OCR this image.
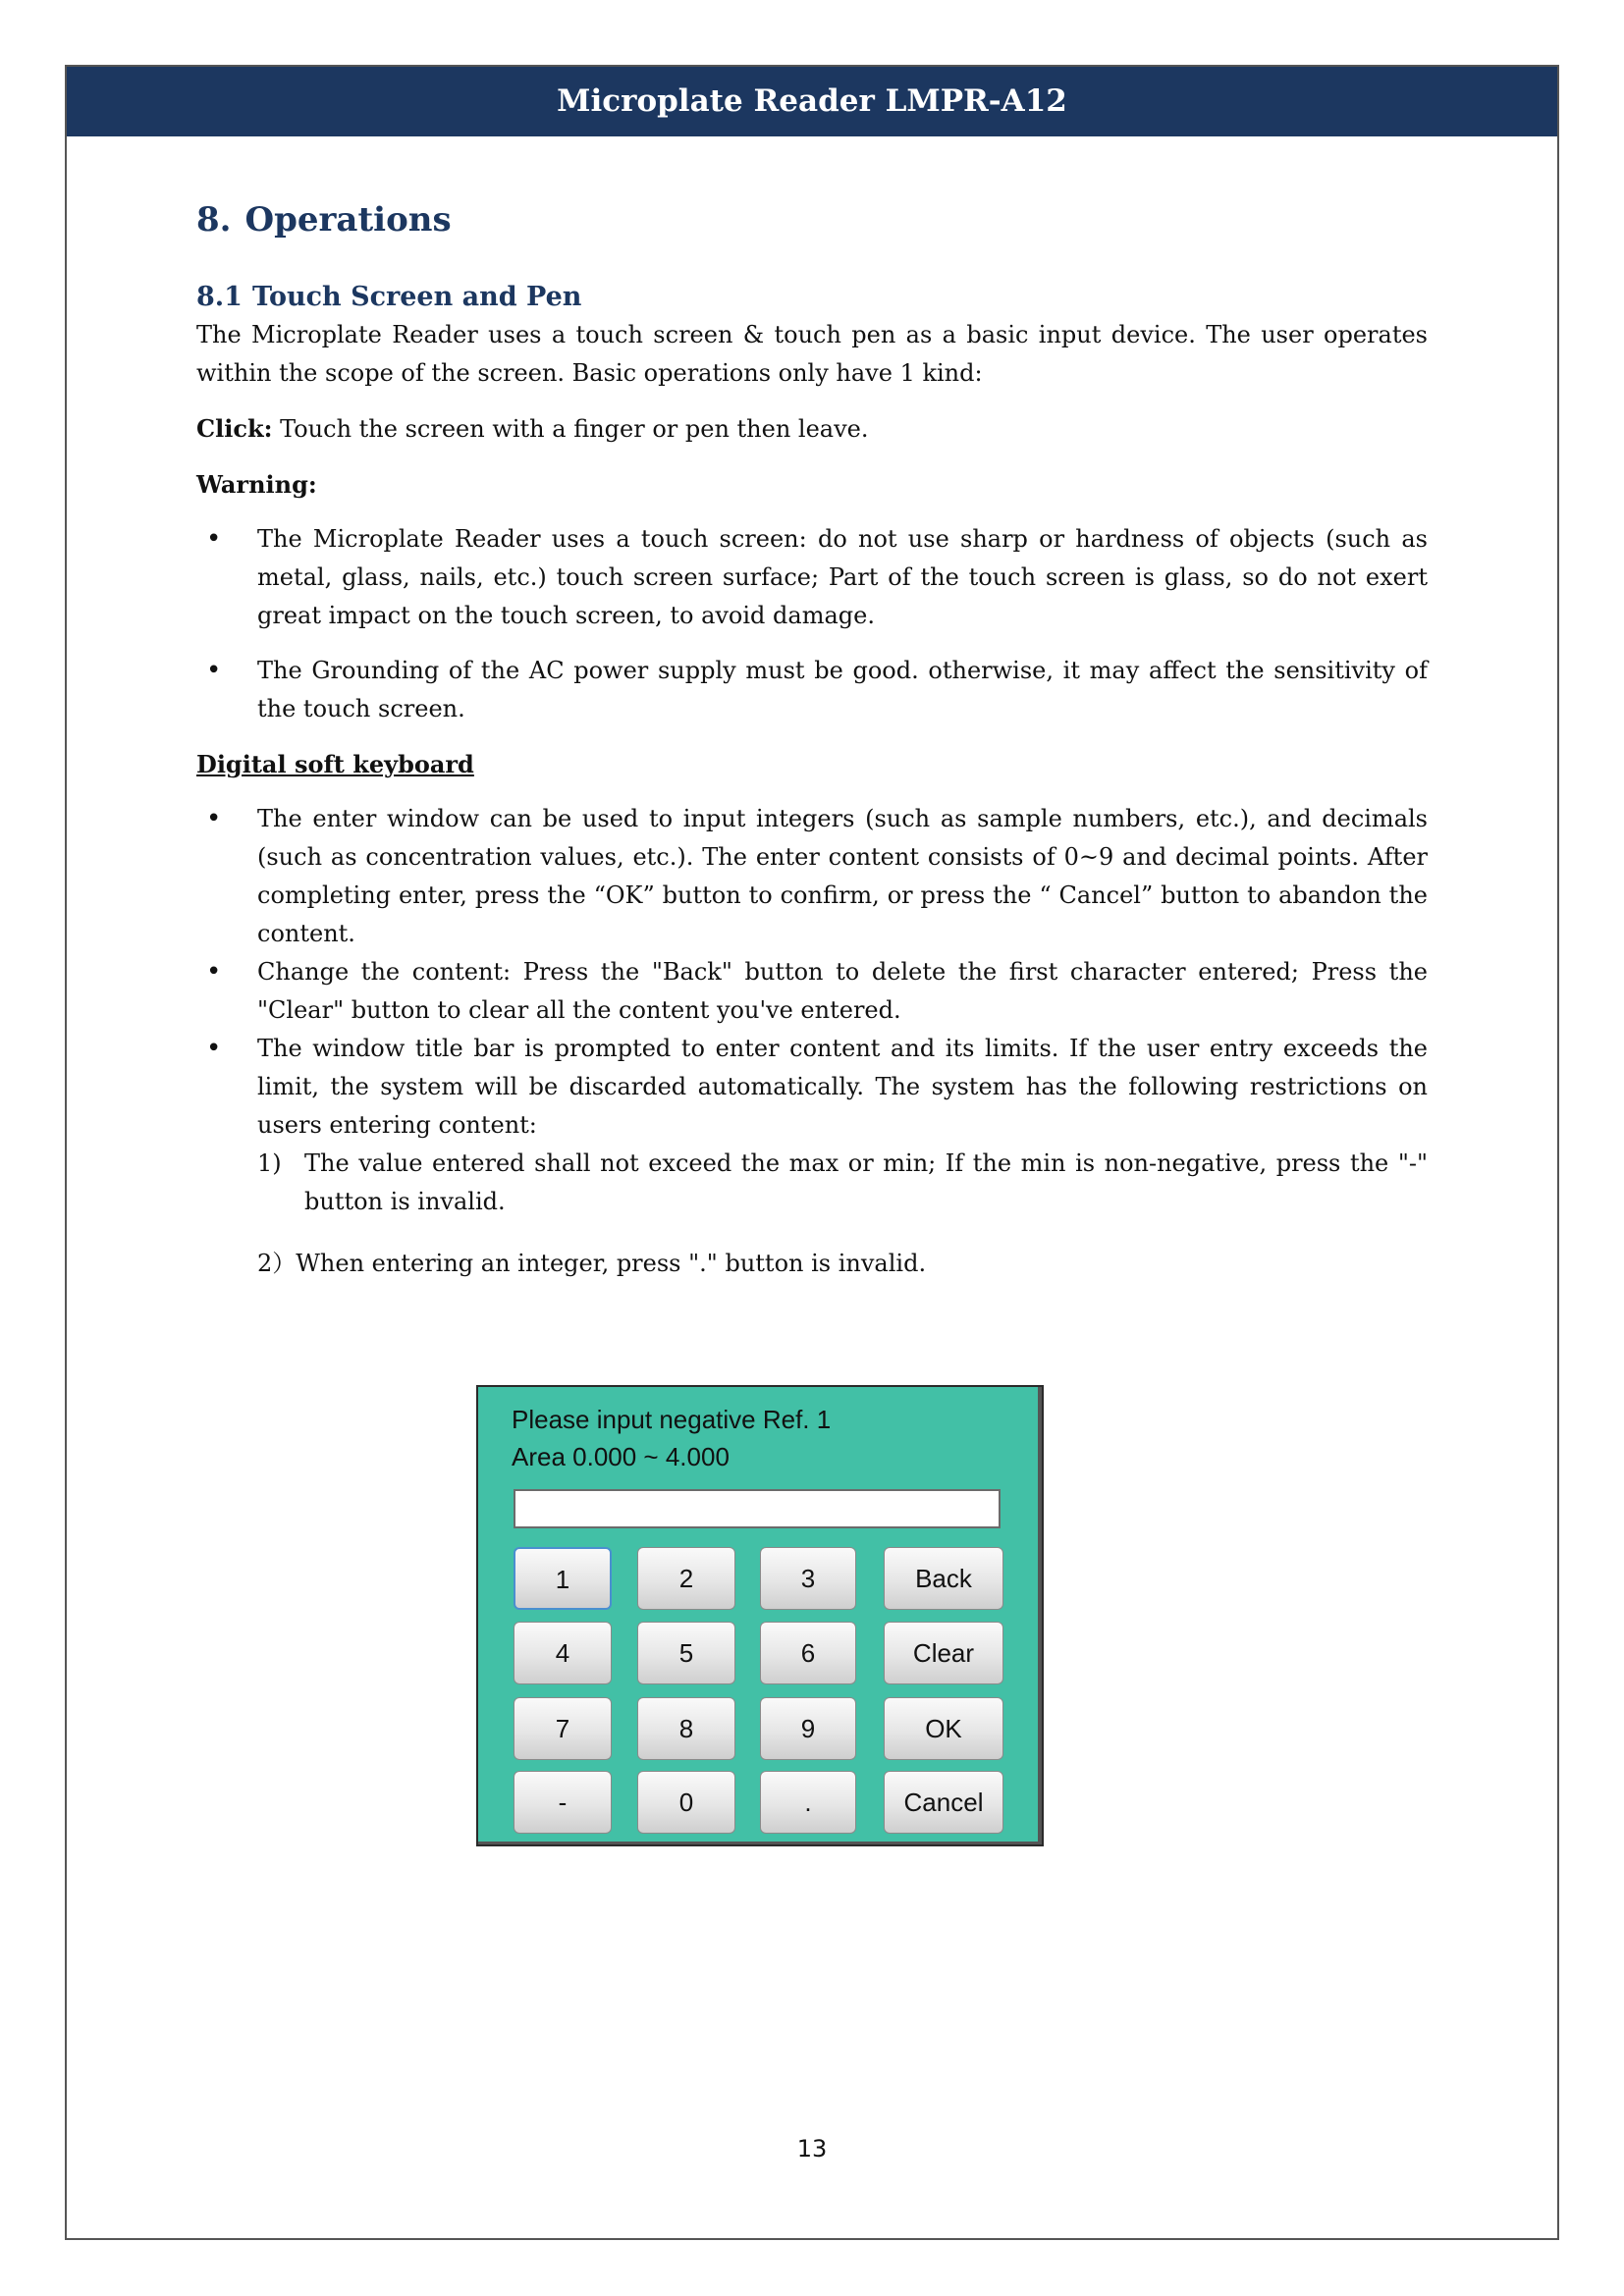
Microplate Reader LMPR-A12
8. Operations
8.1 Touch Screen and Pen

The Microplate Reader uses a touch screen & touch pen as a basic input device. The user operates within the scope of the screen. Basic operations only have 1 kind:

Click: Touch the screen with a finger or pen then leave.

Warning:

• The Microplate Reader uses a touch screen: do not use sharp or hardness of objects (such as metal, glass, nails, etc.) touch screen surface; Part of the touch screen is glass, so do not exert great impact on the touch screen, to avoid damage.
• The Grounding of the AC power supply must be good. otherwise, it may affect the sensitivity of the touch screen.

Digital soft keyboard

• The enter window can be used to input integers (such as sample numbers, etc.), and decimals (such as concentration values, etc.). The enter content consists of 0~9 and decimal points. After completing enter, press the “OK” button to confirm, or press the “ Cancel” button to abandon the content.
• Change the content: Press the "Back" button to delete the first character entered; Press the "Clear" button to clear all the content you've entered.
• The window title bar is prompted to enter content and its limits. If the user entry exceeds the limit, the system will be discarded automatically. The system has the following restrictions on users entering content:
1) The value entered shall not exceed the max or min; If the min is non-negative, press the "-" button is invalid.

2）When entering an integer, press "." button is invalid.

Please input negative Ref. 1
Area 0.000 ~ 4.000
1	2	3	Back
4	5	6	Clear
7	8	9	OK
-	0	.	Cancel
13
